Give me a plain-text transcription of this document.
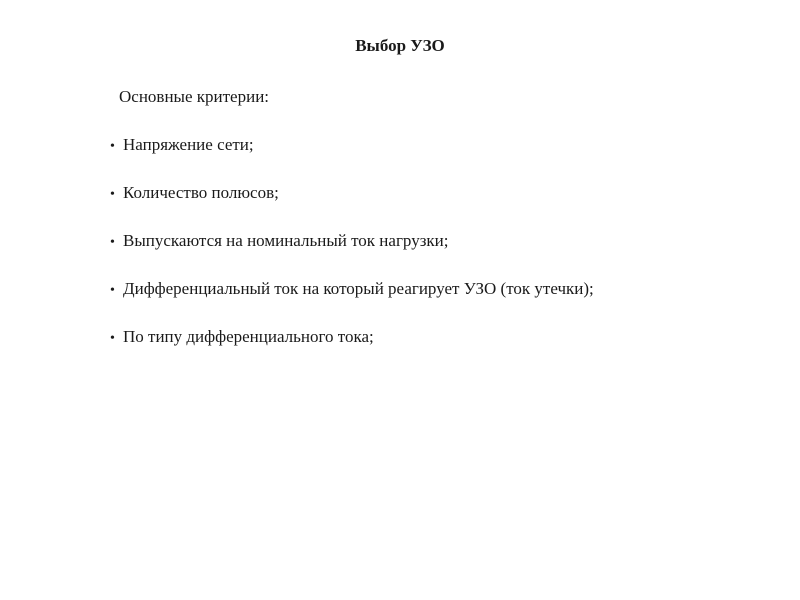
Выбор УЗО
Основные критерии:
• Напряжение сети;
• Количество полюсов;
• Выпускаются на номинальный ток нагрузки;
• Дифференциальный ток на который реагирует УЗО (ток утечки);
• По типу дифференциального тока;
